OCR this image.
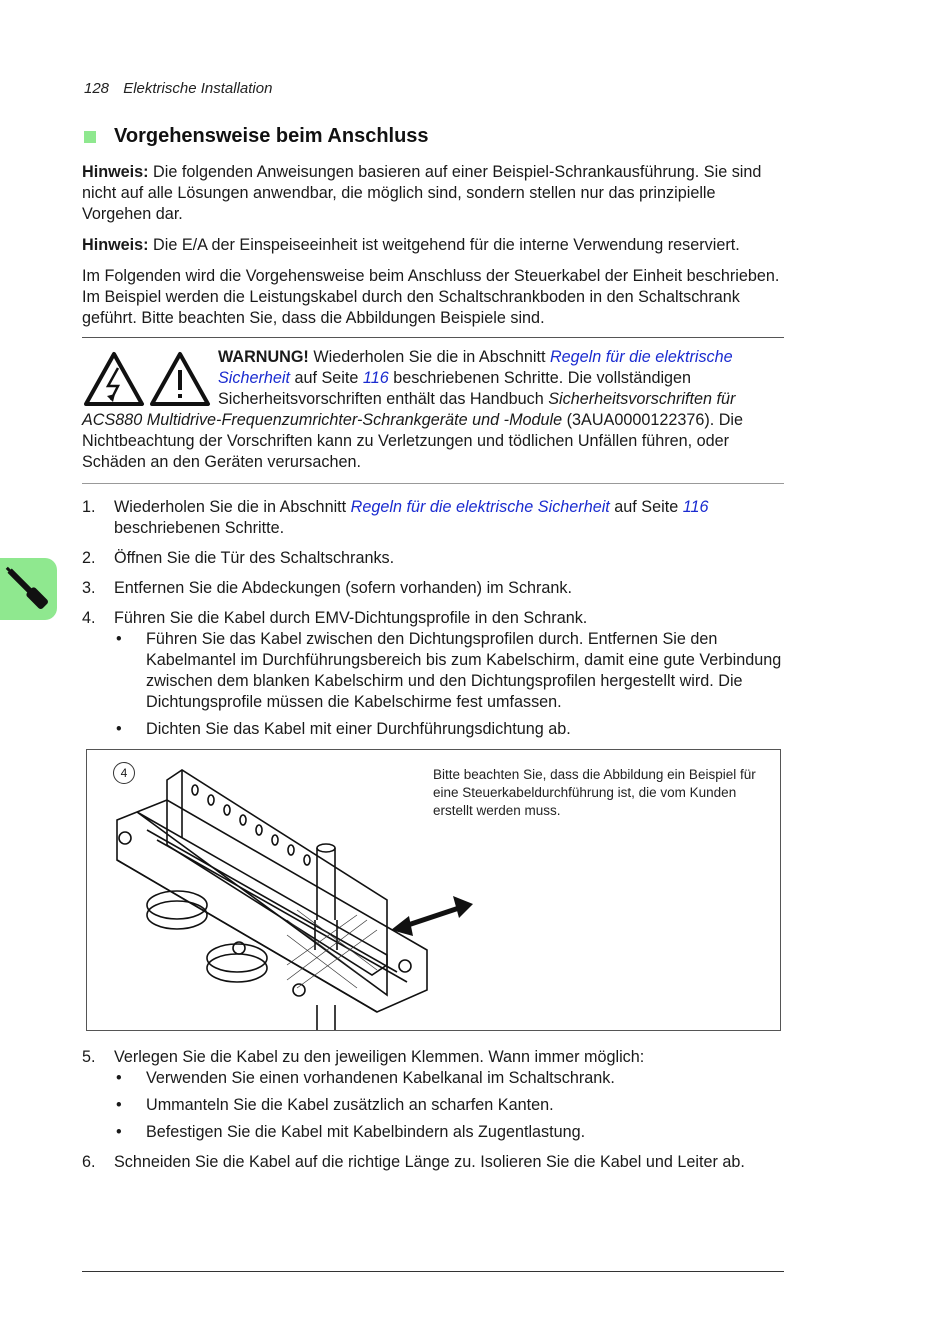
128 Elektrische Installation
Vorgehensweise beim Anschluss

Hinweis: Die folgenden Anweisungen basieren auf einer Beispiel-Schrankausführung. Sie sind nicht auf alle Lösungen anwendbar, die möglich sind, sondern stellen nur das prinzipielle Vorgehen dar.

Hinweis: Die E/A der Einspeiseeinheit ist weitgehend für die interne Verwendung reserviert.

Im Folgenden wird die Vorgehensweise beim Anschluss der Steuerkabel der Einheit beschrieben. Im Beispiel werden die Leistungskabel durch den Schaltschrankboden in den Schaltschrank geführt. Bitte beachten Sie, dass die Abbildungen Beispiele sind.

WARNUNG! Wiederholen Sie die in Abschnitt Regeln für die elektrische Sicherheit auf Seite 116 beschriebenen Schritte. Die vollständigen Sicherheitsvorschriften enthält das Handbuch Sicherheitsvorschriften für ACS880 Multidrive-Frequenzumrichter-Schrankgeräte und -Module (3AUA0000122376). Die Nichtbeachtung der Vorschriften kann zu Verletzungen und tödlichen Unfällen führen, oder Schäden an den Geräten verursachen.
1. Wiederholen Sie die in Abschnitt Regeln für die elektrische Sicherheit auf Seite 116 beschriebenen Schritte.
2. Öffnen Sie die Tür des Schaltschranks.
3. Entfernen Sie die Abdeckungen (sofern vorhanden) im Schrank.
4. Führen Sie die Kabel durch EMV-Dichtungsprofile in den Schrank.
• Führen Sie das Kabel zwischen den Dichtungsprofilen durch. Entfernen Sie den Kabelmantel im Durchführungsbereich bis zum Kabelschirm, damit eine gute Verbindung zwischen dem blanken Kabelschirm und den Dichtungsprofilen hergestellt wird. Die Dichtungsprofile müssen die Kabelschirme fest umfassen.
• Dichten Sie das Kabel mit einer Durchführungsdichtung ab.
4	Bitte beachten Sie, dass die Abbildung ein Beispiel für eine Steuerkabeldurchführung ist, die vom Kunden erstellt werden muss.
5. Verlegen Sie die Kabel zu den jeweiligen Klemmen. Wann immer möglich:
• Verwenden Sie einen vorhandenen Kabelkanal im Schaltschrank.
• Ummanteln Sie die Kabel zusätzlich an scharfen Kanten.
• Befestigen Sie die Kabel mit Kabelbindern als Zugentlastung.
6. Schneiden Sie die Kabel auf die richtige Länge zu. Isolieren Sie die Kabel und Leiter ab.
